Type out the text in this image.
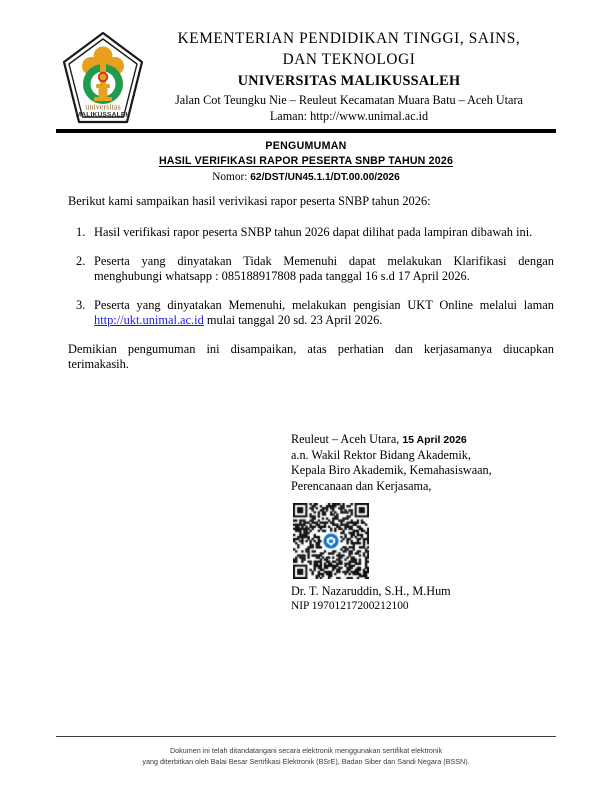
universitas
MALIKUSSALEH
KEMENTERIAN PENDIDIKAN TINGGI, SAINS,
DAN TEKNOLOGI
UNIVERSITAS MALIKUSSALEH
Jalan Cot Teungku Nie – Reuleut Kecamatan Muara Batu – Aceh Utara
Laman: http://www.unimal.ac.id
PENGUMUMAN
HASIL VERIFIKASI RAPOR PESERTA SNBP TAHUN 2026
Nomor: 62/DST/UN45.1.1/DT.00.00/2026
Berikut kami sampaikan hasil verivikasi rapor peserta SNBP tahun 2026:
1. Hasil verifikasi rapor peserta SNBP tahun 2026 dapat dilihat pada lampiran dibawah ini.
2. Peserta yang dinyatakan Tidak Memenuhi dapat melakukan Klarifikasi dengan menghubungi whatsapp : 085188917808 pada tanggal 16 s.d 17 April 2026.
3. Peserta yang dinyatakan Memenuhi, melakukan pengisian UKT Online melalui laman http://ukt.unimal.ac.id mulai tanggal 20 sd. 23 April 2026.
Demikian pengumuman ini disampaikan, atas perhatian dan kerjasamanya diucapkan terimakasih.
Reuleut – Aceh Utara, 15 April 2026
a.n. Wakil Rektor Bidang Akademik,
Kepala Biro Akademik, Kemahasiswaan,
Perencanaan dan Kerjasama,
Dr. T. Nazaruddin, S.H., M.Hum
NIP 19701217200212100
Dokumen ini telah ditandatangani secara elektronik menggunakan sertifikat elektronik
yang diterbitkan oleh Balai Besar Sertifikasi Elektronik (BSrE), Badan Siber dan Sandi Negara (BSSN).
